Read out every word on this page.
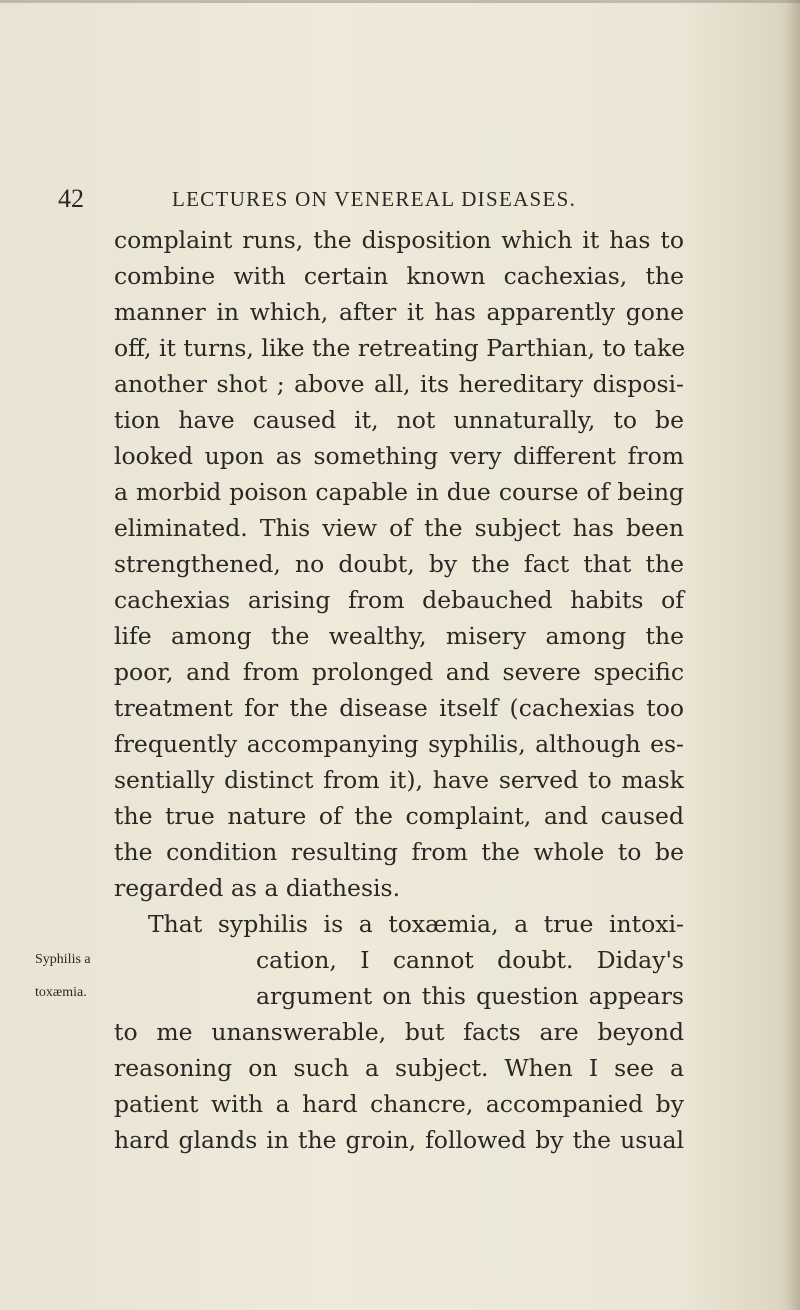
42	LECTURES ON VENEREAL DISEASES.
complaint runs, the disposition which it has to
combine with certain known cachexias, the
manner in which, after it has apparently gone
off, it turns, like the retreating Parthian, to take
another shot ; above all, its hereditary disposi-
tion have caused it, not unnaturally, to be
looked upon as something very different from
a morbid poison capable in due course of being
eliminated. This view of the subject has been
strengthened, no doubt, by the fact that the
cachexias arising from debauched habits of
life among the wealthy, misery among the
poor, and from prolonged and severe specific
treatment for the disease itself (cachexias too
frequently accompanying syphilis, although es-
sentially distinct from it), have served to mask
the true nature of the complaint, and caused
the condition resulting from the whole to be
regarded as a diathesis.
That syphilis is a toxæmia, a true intoxi-
cation, I cannot doubt. Diday's
argument on this question appears
to me unanswerable, but facts are beyond
reasoning on such a subject. When I see a
patient with a hard chancre, accompanied by
hard glands in the groin, followed by the usual
Syphilis a
toxæmia.
